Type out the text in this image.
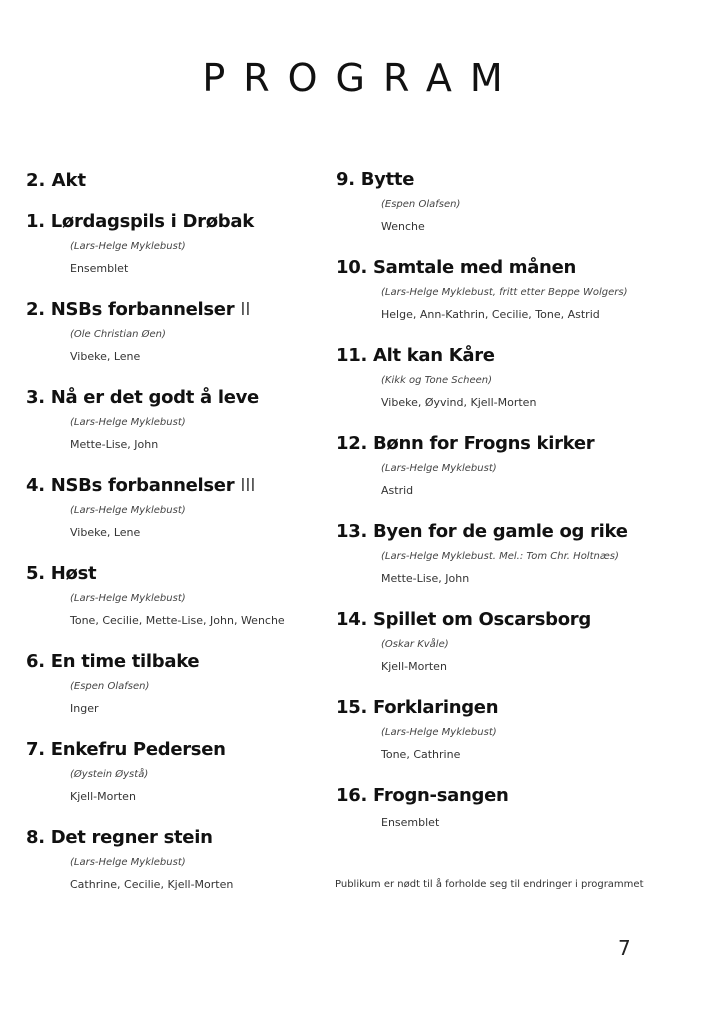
PROGRAM
2. Akt
1. Lørdagspils i Drøbak
(Lars-Helge Myklebust)
Ensemblet
2. NSBs forbannelser II
(Ole Christian Øen)
Vibeke, Lene
3. Nå er det godt å leve
(Lars-Helge Myklebust)
Mette-Lise, John
4. NSBs forbannelser III
(Lars-Helge Myklebust)
Vibeke, Lene
5. Høst
(Lars-Helge Myklebust)
Tone, Cecilie, Mette-Lise, John, Wenche
6. En time tilbake
(Espen Olafsen)
Inger
7. Enkefru Pedersen
(Øystein Øystå)
Kjell-Morten
8. Det regner stein
(Lars-Helge Myklebust)
Cathrine, Cecilie, Kjell-Morten
9. Bytte
(Espen Olafsen)
Wenche
10. Samtale med månen
(Lars-Helge Myklebust, fritt etter Beppe Wolgers)
Helge, Ann-Kathrin, Cecilie, Tone, Astrid
11. Alt kan Kåre
(Kikk og Tone Scheen)
Vibeke, Øyvind, Kjell-Morten
12. Bønn for Frogns kirker
(Lars-Helge Myklebust)
Astrid
13. Byen for de gamle og rike
(Lars-Helge Myklebust. Mel.: Tom Chr. Holtnæs)
Mette-Lise, John
14. Spillet om Oscarsborg
(Oskar Kvåle)
Kjell-Morten
15. Forklaringen
(Lars-Helge Myklebust)
Tone, Cathrine
16. Frogn-sangen
Ensemblet
Publikum er nødt til å forholde seg til endringer i programmet
7
